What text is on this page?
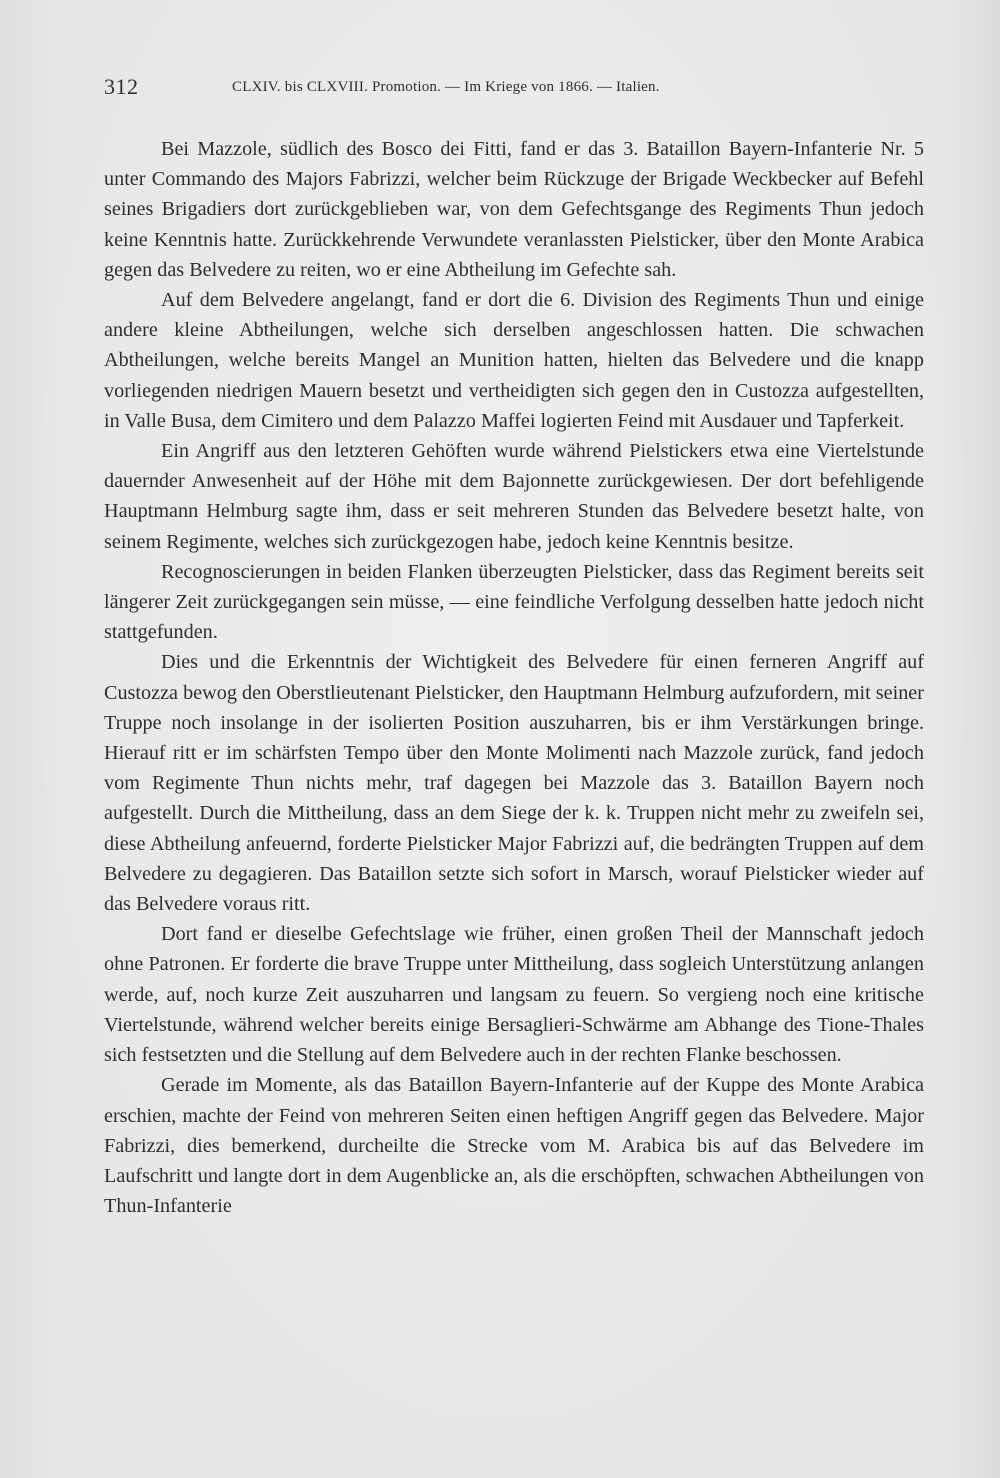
312	CLXIV. bis CLXVIII. Promotion. — Im Kriege von 1866. — Italien.

Bei Mazzole, südlich des Bosco dei Fitti, fand er das 3. Bataillon Bayern-Infanterie Nr. 5 unter Commando des Majors Fabrizzi, welcher beim Rückzuge der Brigade Weckbecker auf Befehl seines Brigadiers dort zurückgeblieben war, von dem Gefechtsgange des Regiments Thun jedoch keine Kenntnis hatte. Zurückkehrende Verwundete veranlassten Pielsticker, über den Monte Arabica gegen das Belvedere zu reiten, wo er eine Abtheilung im Gefechte sah.

Auf dem Belvedere angelangt, fand er dort die 6. Division des Regiments Thun und einige andere kleine Abtheilungen, welche sich derselben angeschlossen hatten. Die schwachen Abtheilungen, welche bereits Mangel an Munition hatten, hielten das Belvedere und die knapp vorliegenden niedrigen Mauern besetzt und vertheidigten sich gegen den in Custozza aufgestellten, in Valle Busa, dem Cimitero und dem Palazzo Maffei logierten Feind mit Ausdauer und Tapferkeit.

Ein Angriff aus den letzteren Gehöften wurde während Pielstickers etwa eine Viertelstunde dauernder Anwesenheit auf der Höhe mit dem Bajonnette zurückgewiesen. Der dort befehligende Hauptmann Helmburg sagte ihm, dass er seit mehreren Stunden das Belvedere besetzt halte, von seinem Regimente, welches sich zurückgezogen habe, jedoch keine Kenntnis besitze.

Recognoscierungen in beiden Flanken überzeugten Pielsticker, dass das Regiment bereits seit längerer Zeit zurückgegangen sein müsse, — eine feindliche Verfolgung desselben hatte jedoch nicht stattgefunden.

Dies und die Erkenntnis der Wichtigkeit des Belvedere für einen ferneren Angriff auf Custozza bewog den Oberstlieutenant Pielsticker, den Hauptmann Helmburg aufzufordern, mit seiner Truppe noch insolange in der isolierten Position auszuharren, bis er ihm Verstärkungen bringe. Hierauf ritt er im schärfsten Tempo über den Monte Molimenti nach Mazzole zurück, fand jedoch vom Regimente Thun nichts mehr, traf dagegen bei Mazzole das 3. Bataillon Bayern noch aufgestellt. Durch die Mittheilung, dass an dem Siege der k. k. Truppen nicht mehr zu zweifeln sei, diese Abtheilung anfeuernd, forderte Pielsticker Major Fabrizzi auf, die bedrängten Truppen auf dem Belvedere zu degagieren. Das Bataillon setzte sich sofort in Marsch, worauf Pielsticker wieder auf das Belvedere voraus ritt.

Dort fand er dieselbe Gefechtslage wie früher, einen großen Theil der Mannschaft jedoch ohne Patronen. Er forderte die brave Truppe unter Mittheilung, dass sogleich Unterstützung anlangen werde, auf, noch kurze Zeit auszuharren und langsam zu feuern. So vergieng noch eine kritische Viertelstunde, während welcher bereits einige Bersaglieri-Schwärme am Abhange des Tione-Thales sich festsetzten und die Stellung auf dem Belvedere auch in der rechten Flanke beschossen.

Gerade im Momente, als das Bataillon Bayern-Infanterie auf der Kuppe des Monte Arabica erschien, machte der Feind von mehreren Seiten einen heftigen Angriff gegen das Belvedere. Major Fabrizzi, dies bemerkend, durcheilte die Strecke vom M. Arabica bis auf das Belvedere im Laufschritt und langte dort in dem Augenblicke an, als die erschöpften, schwachen Abtheilungen von Thun-Infanterie
